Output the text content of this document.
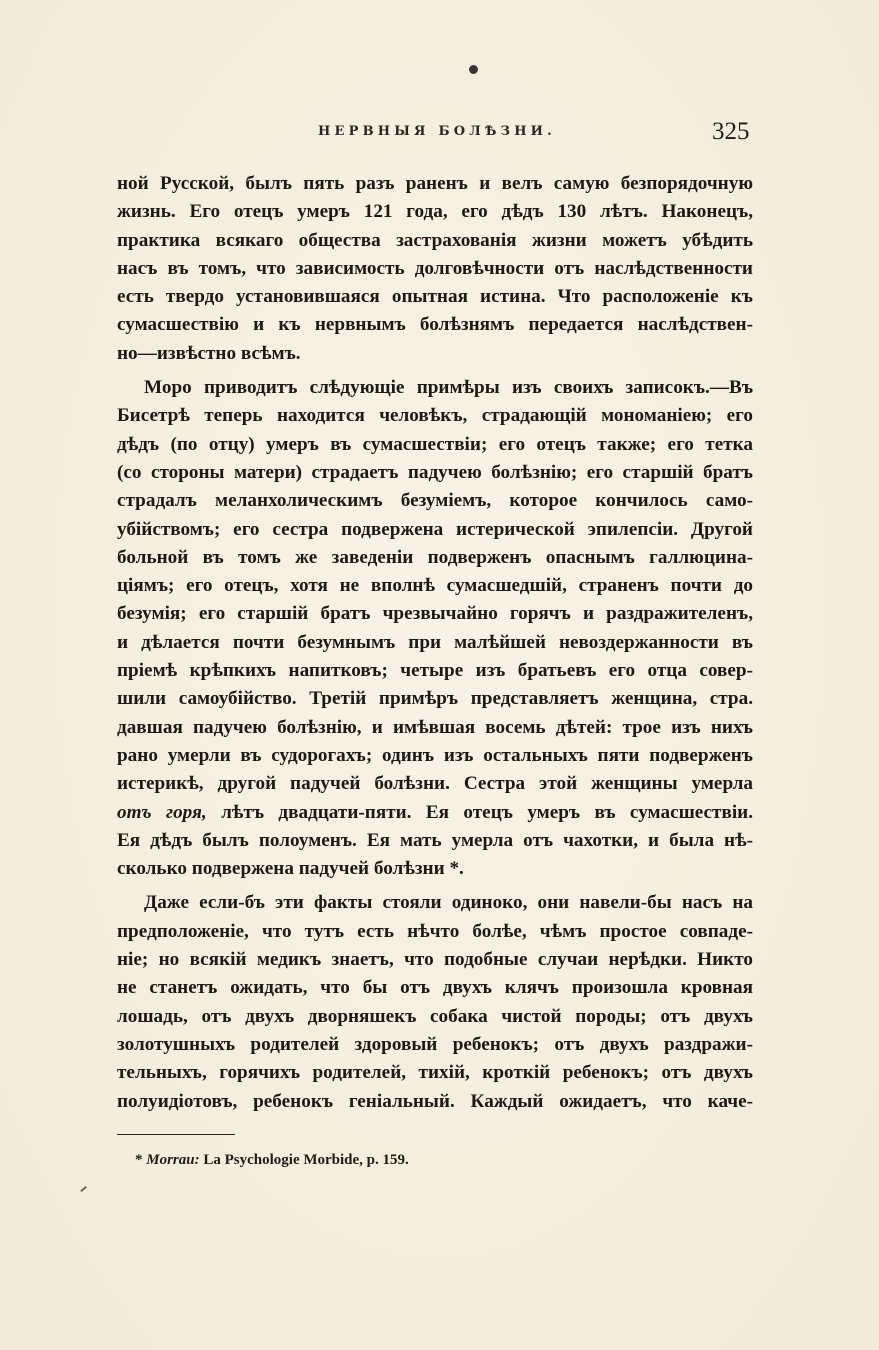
НЕРВНЫЯ БОЛѢЗНИ.	325
ной Русской, былъ пять разъ раненъ и велъ самую безпорядочную
жизнь. Его отецъ умеръ 121 года, его дѣдъ 130 лѣтъ. Наконецъ,
практика всякаго общества застрахованія жизни можетъ убѣдить
насъ въ томъ, что зависимость долговѣчности отъ наслѣдственности
есть твердо установившаяся опытная истина. Что расположеніе къ
сумасшествію и къ нервнымъ болѣзнямъ передается наслѣдствен-
но—извѣстно всѣмъ.
Моро приводитъ слѣдующіе примѣры изъ своихъ записокъ.—Въ
Бисетрѣ теперь находится человѣкъ, страдающій мономаніею; его
дѣдъ (по отцу) умеръ въ сумасшествіи; его отецъ также; его тетка
(со стороны матери) страдаетъ падучею болѣзнію; его старшій братъ
страдалъ меланхолическимъ безуміемъ, которое кончилось само-
убійствомъ; его сестра подвержена истерической эпилепсіи. Другой
больной въ томъ же заведеніи подверженъ опаснымъ галлюцина-
ціямъ; его отецъ, хотя не вполнѣ сумасшедшій, страненъ почти до
безумія; его старшій братъ чрезвычайно горячъ и раздражителенъ,
и дѣлается почти безумнымъ при малѣйшей невоздержанности въ
пріемѣ крѣпкихъ напитковъ; четыре изъ братьевъ его отца совер-
шили самоубійство. Третій примѣръ представляетъ женщина, стра.
давшая падучею болѣзнію, и имѣвшая восемь дѣтей: трое изъ нихъ
рано умерли въ судорогахъ; одинъ изъ остальныхъ пяти подверженъ
истерикѣ, другой падучей болѣзни. Сестра этой женщины умерла
отъ горя, лѣтъ двадцати-пяти. Ея отецъ умеръ въ сумасшествіи.
Ея дѣдъ былъ полоуменъ. Ея мать умерла отъ чахотки, и была нѣ-
сколько подвержена падучей болѣзни *.
Даже если-бъ эти факты стояли одиноко, они навели-бы насъ на
предположеніе, что тутъ есть нѣчто болѣе, чѣмъ простое совпаде-
ніе; но всякій медикъ знаетъ, что подобные случаи нерѣдки. Никто
не станетъ ожидать, что бы отъ двухъ клячъ произошла кровная
лошадь, отъ двухъ дворняшекъ собака чистой породы; отъ двухъ
золотушныхъ родителей здоровый ребенокъ; отъ двухъ раздражи-
тельныхъ, горячихъ родителей, тихій, кроткій ребенокъ; отъ двухъ
полуидіотовъ, ребенокъ геніальный. Каждый ожидаетъ, что каче-
* Morrau: La Psychologie Morbide, p. 159.
